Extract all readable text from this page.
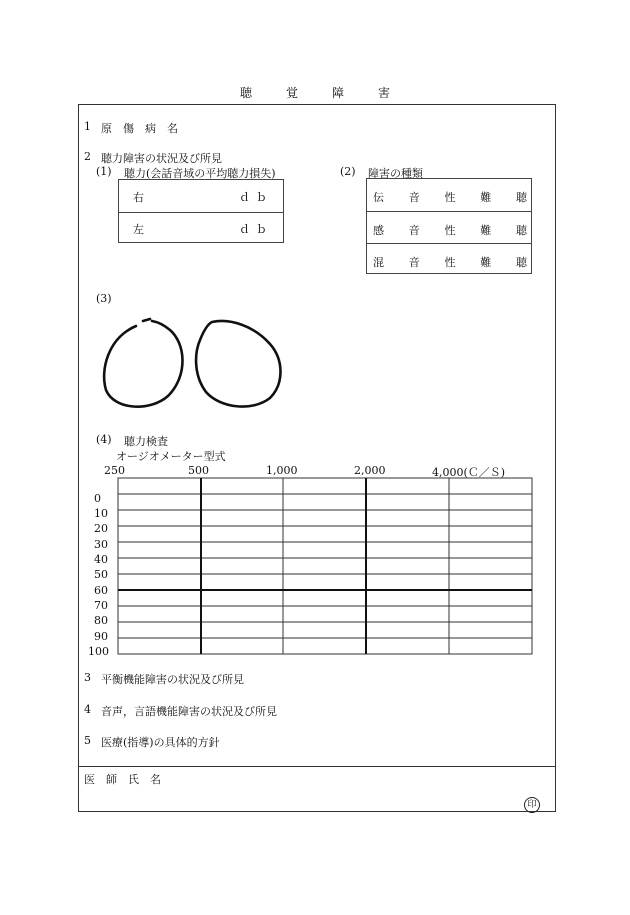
聴	覚	障	害
1 原 傷 病 名
2 聴力障害の状況及び所見
(1) 聴力(会話音域の平均聴力損失)	(2) 障害の種類
右	ｄｂ
左	ｄｂ
伝 音 性 難 聴
感 音 性 難 聴
混 音 性 難 聴
(3)
(4) 聴力検査
オージオメーター型式
250	500	1,000	2,000	4,000(Ｃ／Ｓ)
0
10
20
30
40
50
60
70
80
90
100
3 平衡機能障害の状況及び所見
4 音声，言語機能障害の状況及び所見
5 医療(指導)の具体的方針
医 師 氏 名
印
